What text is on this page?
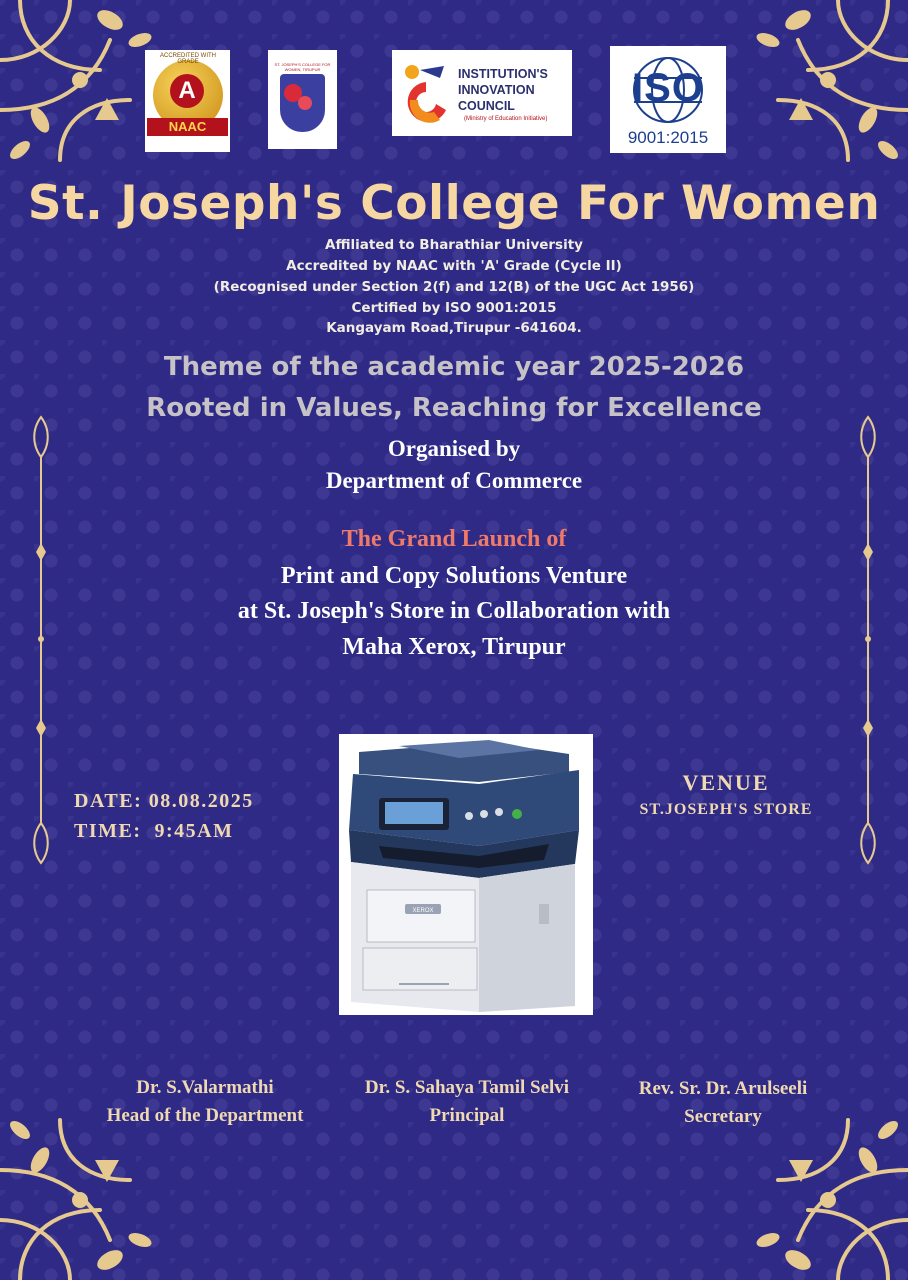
ACCREDITED WITH GRADE
A
NAAC
ST. JOSEPH'S COLLEGE FOR WOMEN, TIRUPUR	INSTITUTION'S
INNOVATION
COUNCIL
(Ministry of Education Initiative)
ISO
9001:2015
St. Joseph's College For Women
Affiliated to Bharathiar University
Accredited by NAAC with 'A' Grade (Cycle II)
(Recognised under Section 2(f) and 12(B) of the UGC Act 1956)
Certified by ISO 9001:2015
Kangayam Road,Tirupur -641604.
Theme of the academic year 2025-2026
Rooted in Values, Reaching for Excellence
Organised by
Department of Commerce
The Grand Launch of
Print and Copy Solutions Venture
at St. Joseph's Store in Collaboration with
Maha Xerox, Tirupur
DATE: 08.08.2025
TIME:  9:45AM
VENUE
ST.JOSEPH'S STORE
XEROX
Dr. S.Valarmathi
Head of the Department
Dr. S. Sahaya Tamil Selvi
Principal
Rev. Sr. Dr. Arulseeli
Secretary
